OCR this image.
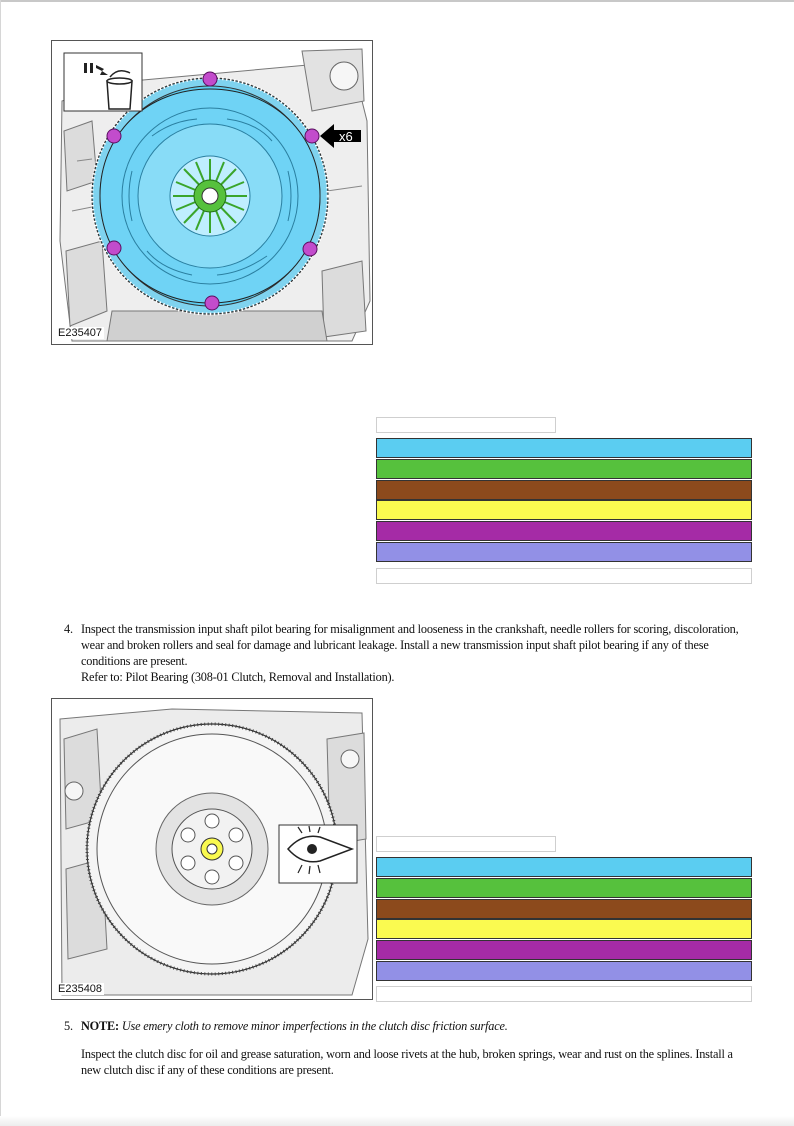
x6
E235407
4. Inspect the transmission input shaft pilot bearing for misalignment and looseness in the crankshaft, needle rollers for scoring, discoloration,
wear and broken rollers and seal for damage and lubricant leakage. Install a new transmission input shaft pilot bearing if any of these
conditions are present.
Refer to: Pilot Bearing (308-01 Clutch, Removal and Installation).
E235408
5. NOTE: Use emery cloth to remove minor imperfections in the clutch disc friction surface.
Inspect the clutch disc for oil and grease saturation, worn and loose rivets at the hub, broken springs, wear and rust on the splines. Install a
new clutch disc if any of these conditions are present.
